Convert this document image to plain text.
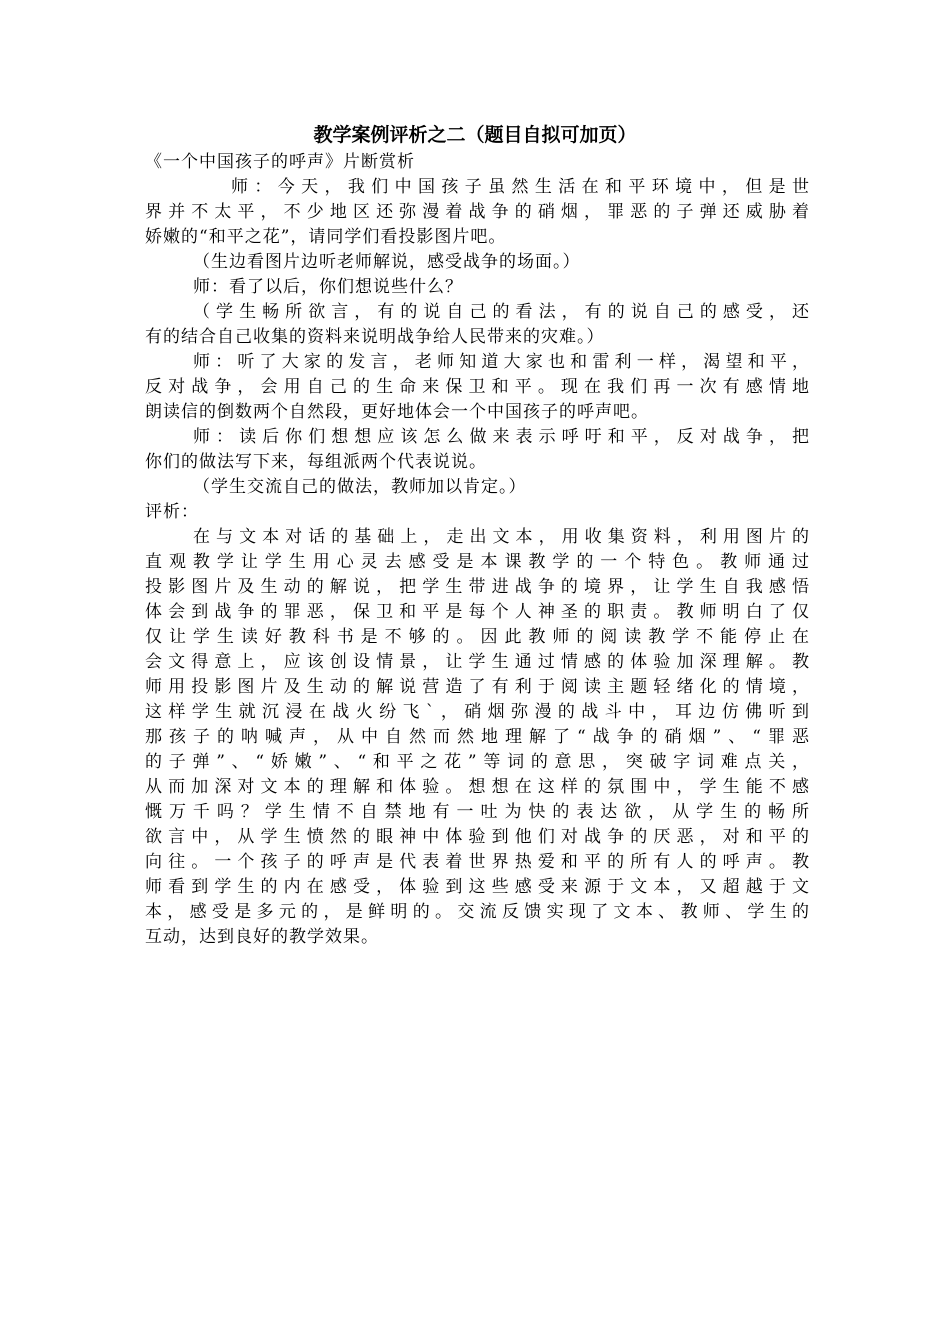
教学案例评析之二（题目自拟可加页）
《一个中国孩子的呼声》片断赏析
师：今天，我们中国孩子虽然生活在和平环境中，但是世
界并不太平，不少地区还弥漫着战争的硝烟，罪恶的子弹还威胁着
娇嫩的“和平之花”，请同学们看投影图片吧。
（生边看图片边听老师解说，感受战争的场面。）
师：看了以后，你们想说些什么？
（学生畅所欲言，有的说自己的看法，有的说自己的感受，还
有的结合自己收集的资料来说明战争给人民带来的灾难。）
师：听了大家的发言，老师知道大家也和雷利一样，渴望和平，
反对战争，会用自己的生命来保卫和平。现在我们再一次有感情地
朗读信的倒数两个自然段，更好地体会一个中国孩子的呼声吧。
师：读后你们想想应该怎么做来表示呼吁和平，反对战争，把
你们的做法写下来，每组派两个代表说说。
（学生交流自己的做法，教师加以肯定。）
评析：
在与文本对话的基础上，走出文本，用收集资料，利用图片的
直观教学让学生用心灵去感受是本课教学的一个特色。教师通过
投影图片及生动的解说，把学生带进战争的境界，让学生自我感悟
体会到战争的罪恶，保卫和平是每个人神圣的职责。教师明白了仅
仅让学生读好教科书是不够的。因此教师的阅读教学不能停止在
会文得意上，应该创设情景，让学生通过情感的体验加深理解。教
师用投影图片及生动的解说营造了有利于阅读主题轻绪化的情境，
这样学生就沉浸在战火纷飞`，硝烟弥漫的战斗中，耳边仿佛听到
那孩子的呐喊声，从中自然而然地理解了“战争的硝烟”、“罪恶
的子弹”、“娇嫩”、“和平之花”等词的意思，突破字词难点关，
从而加深对文本的理解和体验。想想在这样的氛围中，学生能不感
慨万千吗？学生情不自禁地有一吐为快的表达欲，从学生的畅所
欲言中，从学生愤然的眼神中体验到他们对战争的厌恶，对和平的
向往。一个孩子的呼声是代表着世界热爱和平的所有人的呼声。教
师看到学生的内在感受，体验到这些感受来源于文本，又超越于文
本，感受是多元的，是鲜明的。交流反馈实现了文本、教师、学生的
互动，达到良好的教学效果。
